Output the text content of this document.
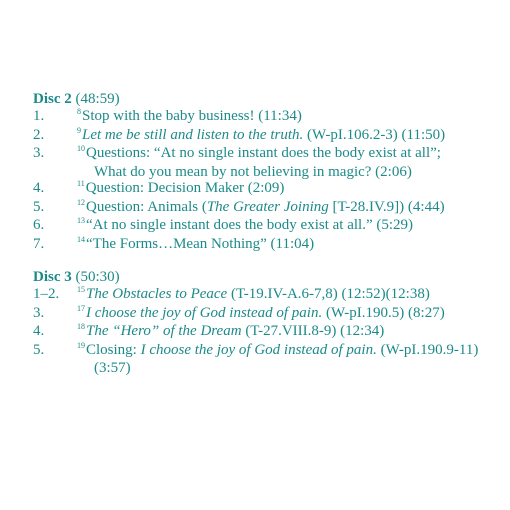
Disc 2 (48:59)
1.	$^8$Stop with the baby business! (11:34)
2.	$^9$Let me be still and listen to the truth. (W-pI.106.2-3) (11:50)
3.	$^{10}$Questions: “At no single instant does the body exist at all”;
What do you mean by not believing in magic? (2:06)
4.	$^{11}$Question: Decision Maker (2:09)
5.	$^{12}$Question: Animals (The Greater Joining [T-28.IV.9]) (4:44)
6.	$^{13}$“At no single instant does the body exist at all.” (5:29)
7.	$^{14}$“The Forms…Mean Nothing” (11:04)
Disc 3 (50:30)
1–2. $^{15}$The Obstacles to Peace (T-19.IV-A.6-7,8) (12:52)(12:38)
3.	$^{17}$I choose the joy of God instead of pain. (W-pI.190.5) (8:27)
4.	$^{18}$The “Hero” of the Dream (T-27.VIII.8-9) (12:34)
5.	$^{19}$Closing: I choose the joy of God instead of pain. (W-pI.190.9-11)
(3:57)
